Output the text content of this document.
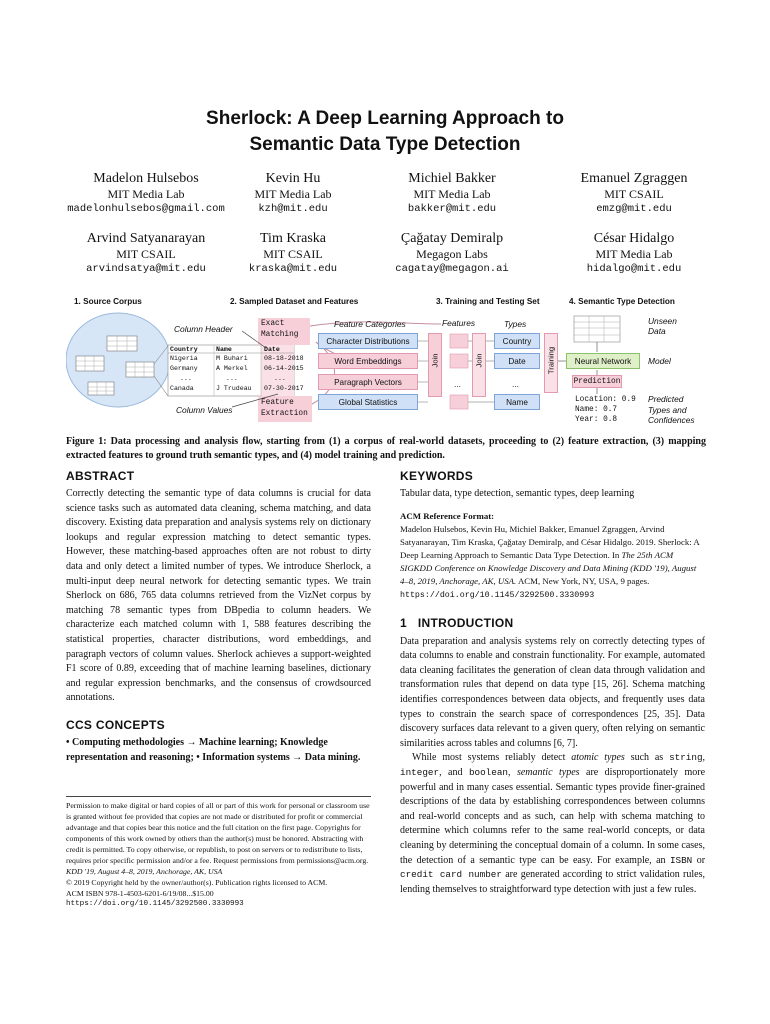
Sherlock: A Deep Learning Approach to
Semantic Data Type Detection
Madelon Hulsebos
MIT Media Lab
madelonhulsebos@gmail.com
Kevin Hu
MIT Media Lab
kzh@mit.edu
Michiel Bakker
MIT Media Lab
bakker@mit.edu
Emanuel Zgraggen
MIT CSAIL
emzg@mit.edu
Arvind Satyanarayan
MIT CSAIL
arvindsatya@mit.edu
Tim Kraska
MIT CSAIL
kraska@mit.edu
Çağatay Demiralp
Megagon Labs
cagatay@megagon.ai
César Hidalgo
MIT Media Lab
hidalgo@mit.edu
1. Source Corpus	2. Sampled Dataset and Features	3. Training and Testing Set	4. Semantic Type Detection
Column Header
Column Values
Exact
Matching
Feature
Extraction
Country	Name	Date
Nigeria	M Buhari 08-18-2018
Germany	A Merkel 06-14-2015
...	...	...
Canada	J Trudeau 07-30-2017
Feature Categories
Character Distributions
Word Embeddings
Paragraph Vectors
Global Statistics
Join	Join
Features	Types
...
Country
Date
...
Name
Training
Unseen
Data
Neural Network	Model
Prediction
Location: 0.9
Name: 0.7
Year: 0.8
Predicted
Types and
Confidences
Figure 1: Data processing and analysis flow, starting from (1) a corpus of real-world datasets, proceeding to (2) feature extraction, (3) mapping extracted features to ground truth semantic types, and (4) model training and prediction.
ABSTRACT

Correctly detecting the semantic type of data columns is crucial for data science tasks such as automated data cleaning, schema matching, and data discovery. Existing data preparation and analysis systems rely on dictionary lookups and regular expression matching to detect semantic types. However, these matching-based approaches often are not robust to dirty data and only detect a limited number of types. We introduce Sherlock, a multi-input deep neural network for detecting semantic types. We train Sherlock on 686, 765 data columns retrieved from the VizNet corpus by matching 78 semantic types from DBpedia to column headers. We characterize each matched column with 1, 588 features describing the statistical properties, character distributions, word embeddings, and paragraph vectors of column values. Sherlock achieves a support-weighted F1 score of 0.89, exceeding that of machine learning baselines, dictionary and regular expression benchmarks, and the consensus of crowdsourced annotations.

CCS CONCEPTS

• Computing methodologies → Machine learning; Knowledge representation and reasoning; • Information systems → Data mining.

Permission to make digital or hard copies of all or part of this work for personal or classroom use is granted without fee provided that copies are not made or distributed for profit or commercial advantage and that copies bear this notice and the full citation on the first page. Copyrights for components of this work owned by others than the author(s) must be honored. Abstracting with credit is permitted. To copy otherwise, or republish, to post on servers or to redistribute to lists, requires prior specific permission and/or a fee. Request permissions from permissions@acm.org.

KDD '19, August 4–8, 2019, Anchorage, AK, USA

© 2019 Copyright held by the owner/author(s). Publication rights licensed to ACM.

ACM ISBN 978-1-4503-6201-6/19/08...$15.00

https://doi.org/10.1145/3292500.3330993

KEYWORDS

Tabular data, type detection, semantic types, deep learning

ACM Reference Format:
Madelon Hulsebos, Kevin Hu, Michiel Bakker, Emanuel Zgraggen, Arvind Satyanarayan, Tim Kraska, Çağatay Demiralp, and César Hidalgo. 2019. Sherlock: A Deep Learning Approach to Semantic Data Type Detection. In The 25th ACM SIGKDD Conference on Knowledge Discovery and Data Mining (KDD '19), August 4–8, 2019, Anchorage, AK, USA. ACM, New York, NY, USA, 9 pages. https://doi.org/10.1145/3292500.3330993
1   INTRODUCTION

Data preparation and analysis systems rely on correctly detecting types of data columns to enable and constrain functionality. For example, automated data cleaning facilitates the generation of clean data through validation and transformation rules that depend on data type [15, 26]. Schema matching identifies correspondences between data objects, and frequently uses data types to constrain the search space of correspondences [25, 35]. Data discovery surfaces data relevant to a given query, often relying on semantic similarities across tables and columns [6, 7].

While most systems reliably detect atomic types such as string, integer, and boolean, semantic types are disproportionately more powerful and in many cases essential. Semantic types provide finer-grained descriptions of the data by establishing correspondences between columns and real-world concepts and as such, can help with schema matching to determine which columns refer to the same real-world concepts, or data cleaning by determining the conceptual domain of a column. In some cases, the detection of a semantic type can be easy. For example, an ISBN or credit card number are generated according to strict validation rules, lending themselves to straightforward type detection with just a few rules.
